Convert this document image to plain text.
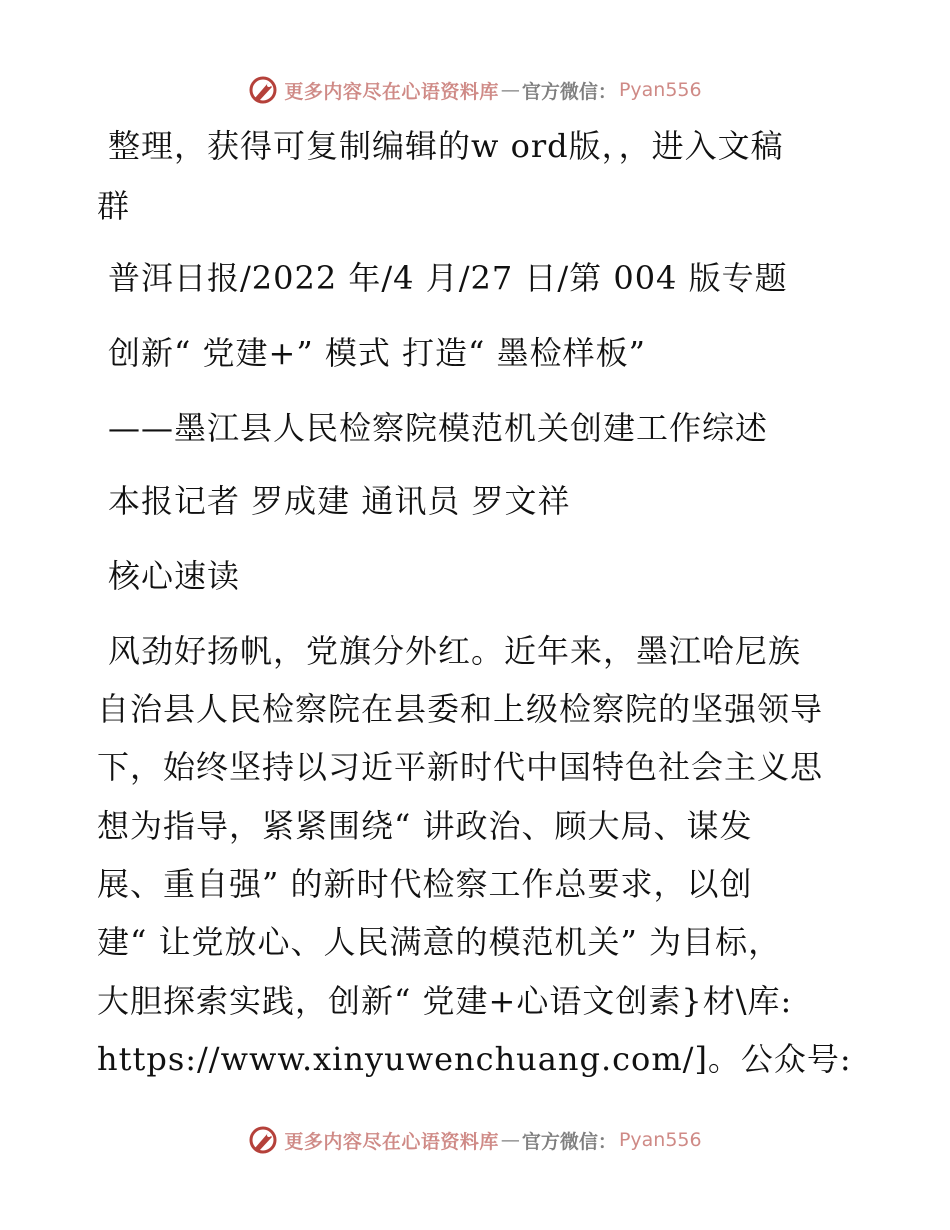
更多内容尽在心语资料库 — 官方微信： Pyan556
整理，获得可复制编辑的w ord版，，进入文稿
群
普洱日报/2022 年/4 月/27 日/第 004 版专题
创新“ 党建+” 模式 打造“ 墨检样板”
——墨江县人民检察院模范机关创建工作综述
本报记者 罗成建 通讯员 罗文祥
核心速读
风劲好扬帆，党旗分外红。近年来，墨江哈尼族
自治县人民检察院在县委和上级检察院的坚强领导
下，始终坚持以习近平新时代中国特色社会主义思
想为指导，紧紧围绕“ 讲政治、顾大局、谋发
展、重自强” 的新时代检察工作总要求，以创
建“ 让党放心、人民满意的模范机关” 为目标，
大胆探索实践，创新“ 党建+心语文创素}材\库:
https://www.xinyuwenchuang.com/]。公众号:
更多内容尽在心语资料库 — 官方微信： Pyan556
